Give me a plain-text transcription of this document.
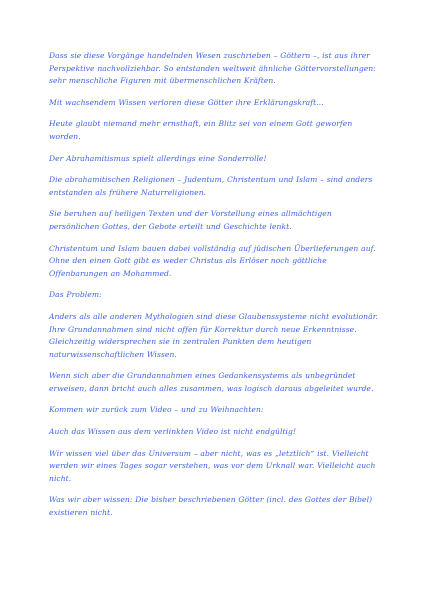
Dass sie diese Vorgänge handelnden Wesen zuschrieben – Göttern –, ist aus ihrer Perspektive nachvollziehbar. So entstanden weltweit ähnliche Göttervorstellungen: sehr menschliche Figuren mit übermenschlichen Kräften.

Mit wachsendem Wissen verloren diese Götter ihre Erklärungskraft…

Heute glaubt niemand mehr ernsthaft, ein Blitz sei von einem Gott geworfen worden.

Der Abrahamitismus spielt allerdings eine Sonderrolle!

Die abrahamitischen Religionen – Judentum, Christentum und Islam – sind anders entstanden als frühere Naturreligionen.

Sie beruhen auf heiligen Texten und der Vorstellung eines allmächtigen persönlichen Gottes, der Gebote erteilt und Geschichte lenkt.

Christentum und Islam bauen dabei vollständig auf jüdischen Überlieferungen auf. Ohne den einen Gott gibt es weder Christus als Erlöser noch göttliche Offenbarungen an Mohammed.

Das Problem:

Anders als alle anderen Mythologien sind diese Glaubenssysteme nicht evolutionär. Ihre Grundannahmen sind nicht offen für Korrektur durch neue Erkenntnisse. Gleichzeitig widersprechen sie in zentralen Punkten dem heutigen naturwissenschaftlichen Wissen.

Wenn sich aber die Grundannahmen eines Gedankensystems als unbegründet erweisen, dann bricht auch alles zusammen, was logisch daraus abgeleitet wurde.

Kommen wir zurück zum Video – und zu Weihnachten:

Auch das Wissen aus dem verlinkten Video ist nicht endgültig!

Wir wissen viel über das Universum – aber nicht, was es „letztlich“ ist. Vielleicht werden wir eines Tages sogar verstehen, was vor dem Urknall war. Vielleicht auch nicht.

Was wir aber wissen: Die bisher beschriebenen Götter (incl. des Gottes der Bibel) existieren nicht.
